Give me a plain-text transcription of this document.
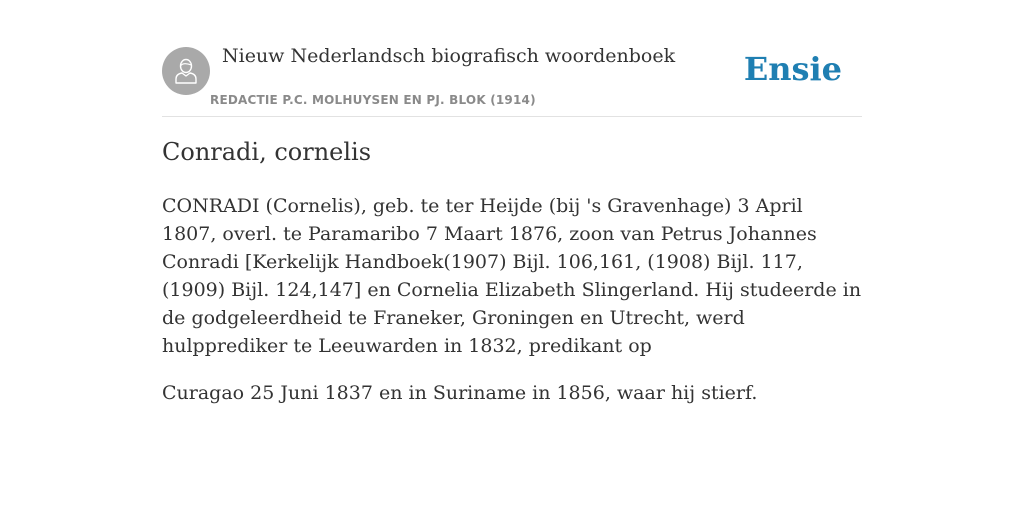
Nieuw Nederlandsch biografisch woordenboek
REDACTIE P.C. MOLHUYSEN EN PJ. BLOK (1914)
Ensie
Conradi, cornelis

CONRADI (Cornelis), geb. te ter Heijde (bij 's Gravenhage) 3 April 1807, overl. te Paramaribo 7 Maart 1876, zoon van Petrus Johannes Conradi [Kerkelijk Handboek(1907) Bijl. 106,161, (1908) Bijl. 117, (1909) Bijl. 124,147] en Cornelia Elizabeth Slingerland. Hij studeerde in de godgeleerdheid te Franeker, Groningen en Utrecht, werd hulpprediker te Leeuwarden in 1832, predikant op

Curagao 25 Juni 1837 en in Suriname in 1856, waar hij stierf.
